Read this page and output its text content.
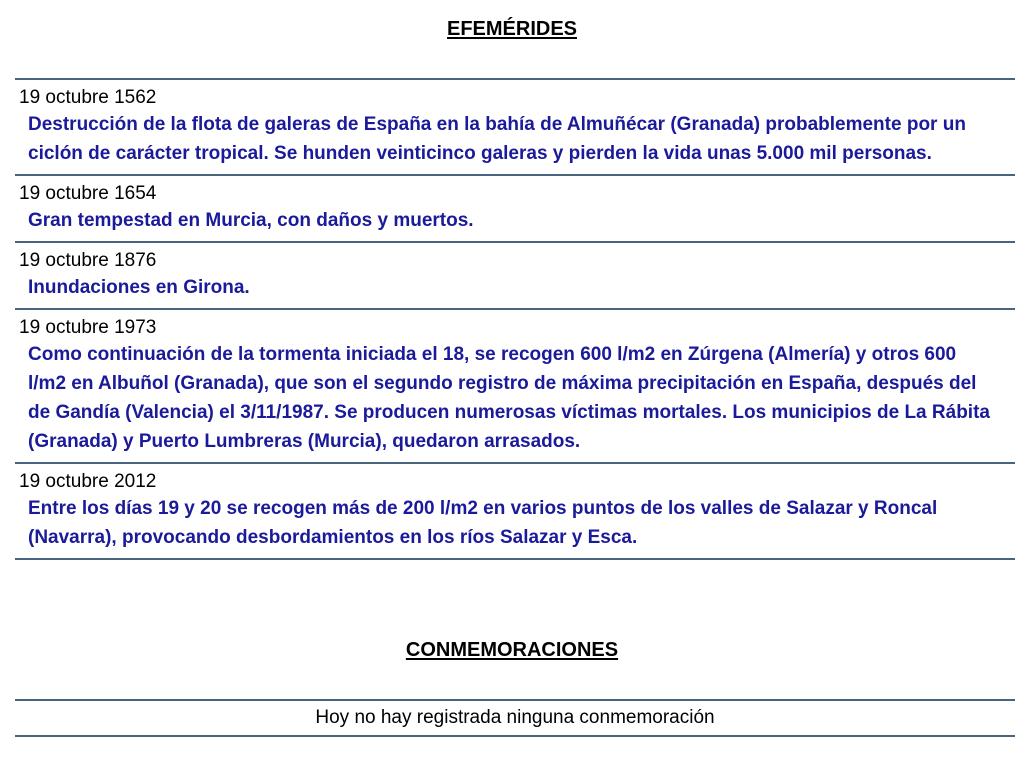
EFEMÉRIDES

19 octubre 1562

Destrucción de la flota de galeras de España en la bahía de Almuñécar (Granada) probablemente por un ciclón de carácter tropical. Se hunden veinticinco galeras y pierden la vida unas 5.000 mil personas.

19 octubre 1654

Gran tempestad en Murcia, con daños y muertos.

19 octubre 1876

Inundaciones en Girona.

19 octubre 1973

Como continuación de la tormenta iniciada el 18, se recogen 600 l/m2 en Zúrgena (Almería) y otros 600 l/m2 en Albuñol (Granada), que son el segundo registro de máxima precipitación en España, después del de Gandía (Valencia) el 3/11/1987. Se producen numerosas víctimas mortales. Los municipios de La Rábita (Granada) y Puerto Lumbreras (Murcia), quedaron arrasados.

19 octubre 2012

Entre los días 19 y 20 se recogen más de 200 l/m2 en varios puntos de los valles de Salazar y Roncal (Navarra), provocando desbordamientos en los ríos Salazar y Esca.

CONMEMORACIONES

Hoy no hay registrada ninguna conmemoración
